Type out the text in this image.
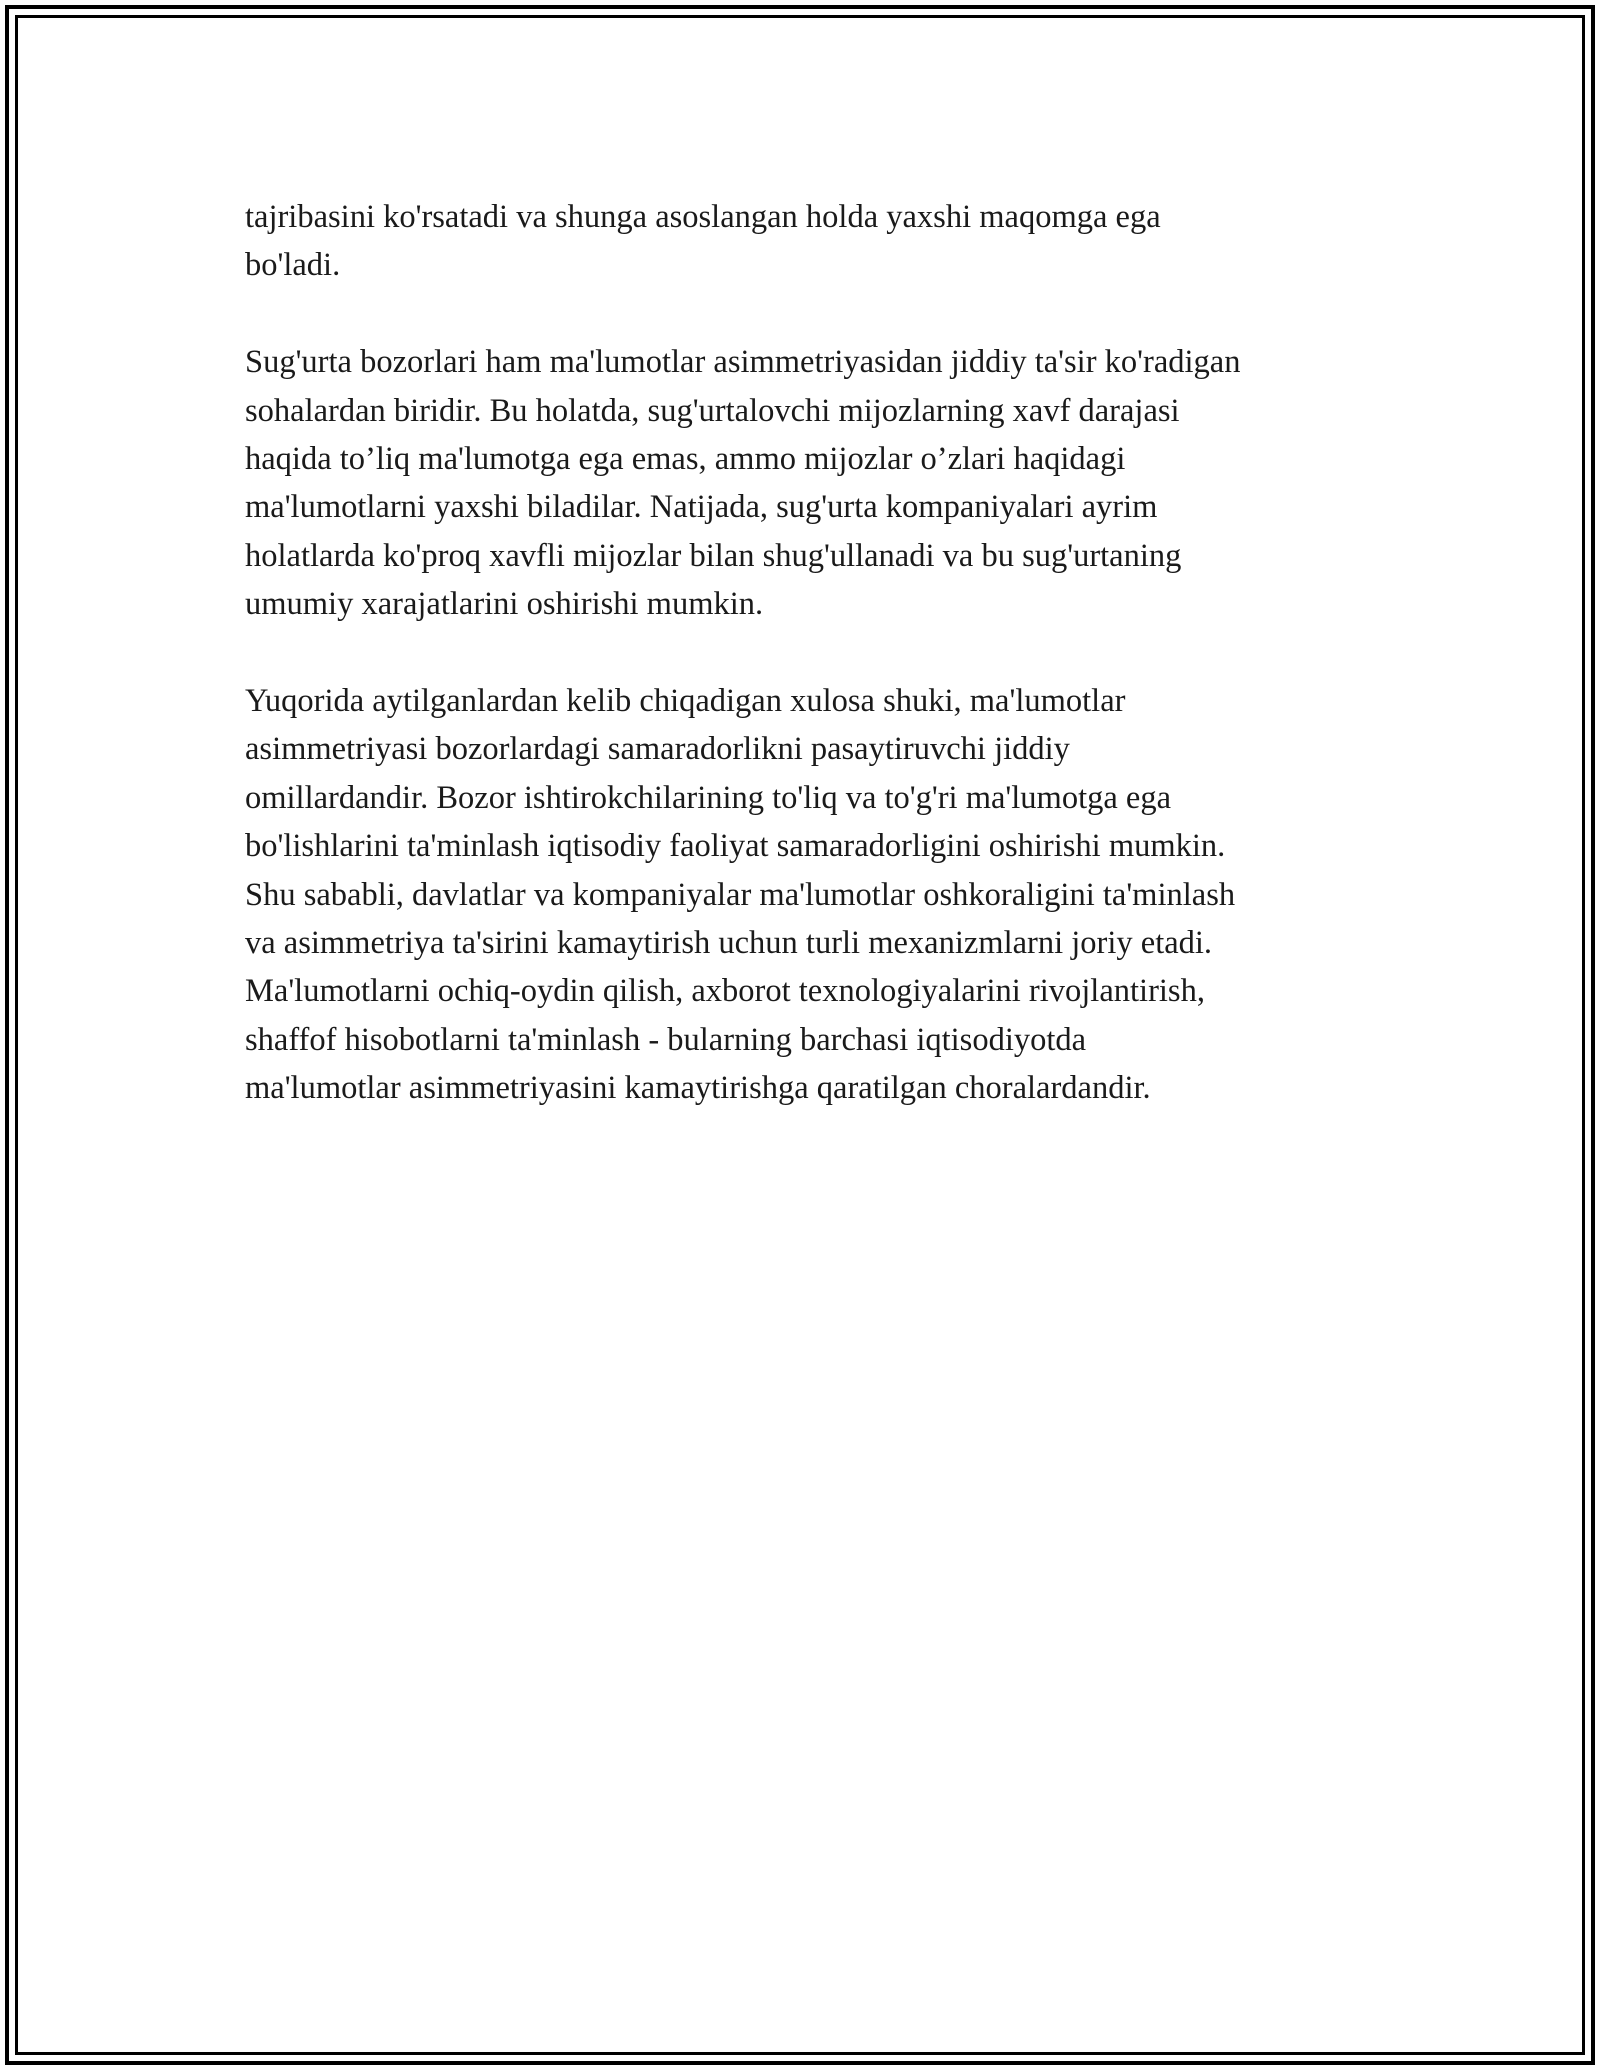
tajribasini ko'rsatadi va shunga asoslangan holda yaxshi maqomga ega
bo'ladi.

Sug'urta bozorlari ham ma'lumotlar asimmetriyasidan jiddiy ta'sir ko'radigan
sohalardan biridir. Bu holatda, sug'urtalovchi mijozlarning xavf darajasi
haqida to’liq ma'lumotga ega emas, ammo mijozlar o’zlari haqidagi
ma'lumotlarni yaxshi biladilar. Natijada, sug'urta kompaniyalari ayrim
holatlarda ko'proq xavfli mijozlar bilan shug'ullanadi va bu sug'urtaning
umumiy xarajatlarini oshirishi mumkin.

Yuqorida aytilganlardan kelib chiqadigan xulosa shuki, ma'lumotlar
asimmetriyasi bozorlardagi samaradorlikni pasaytiruvchi jiddiy
omillardandir. Bozor ishtirokchilarining to'liq va to'g'ri ma'lumotga ega
bo'lishlarini ta'minlash iqtisodiy faoliyat samaradorligini oshirishi mumkin.
Shu sababli, davlatlar va kompaniyalar ma'lumotlar oshkoraligini ta'minlash
va asimmetriya ta'sirini kamaytirish uchun turli mexanizmlarni joriy etadi.
Ma'lumotlarni ochiq-oydin qilish, axborot texnologiyalarini rivojlantirish,
shaffof hisobotlarni ta'minlash - bularning barchasi iqtisodiyotda
ma'lumotlar asimmetriyasini kamaytirishga qaratilgan choralardandir.
